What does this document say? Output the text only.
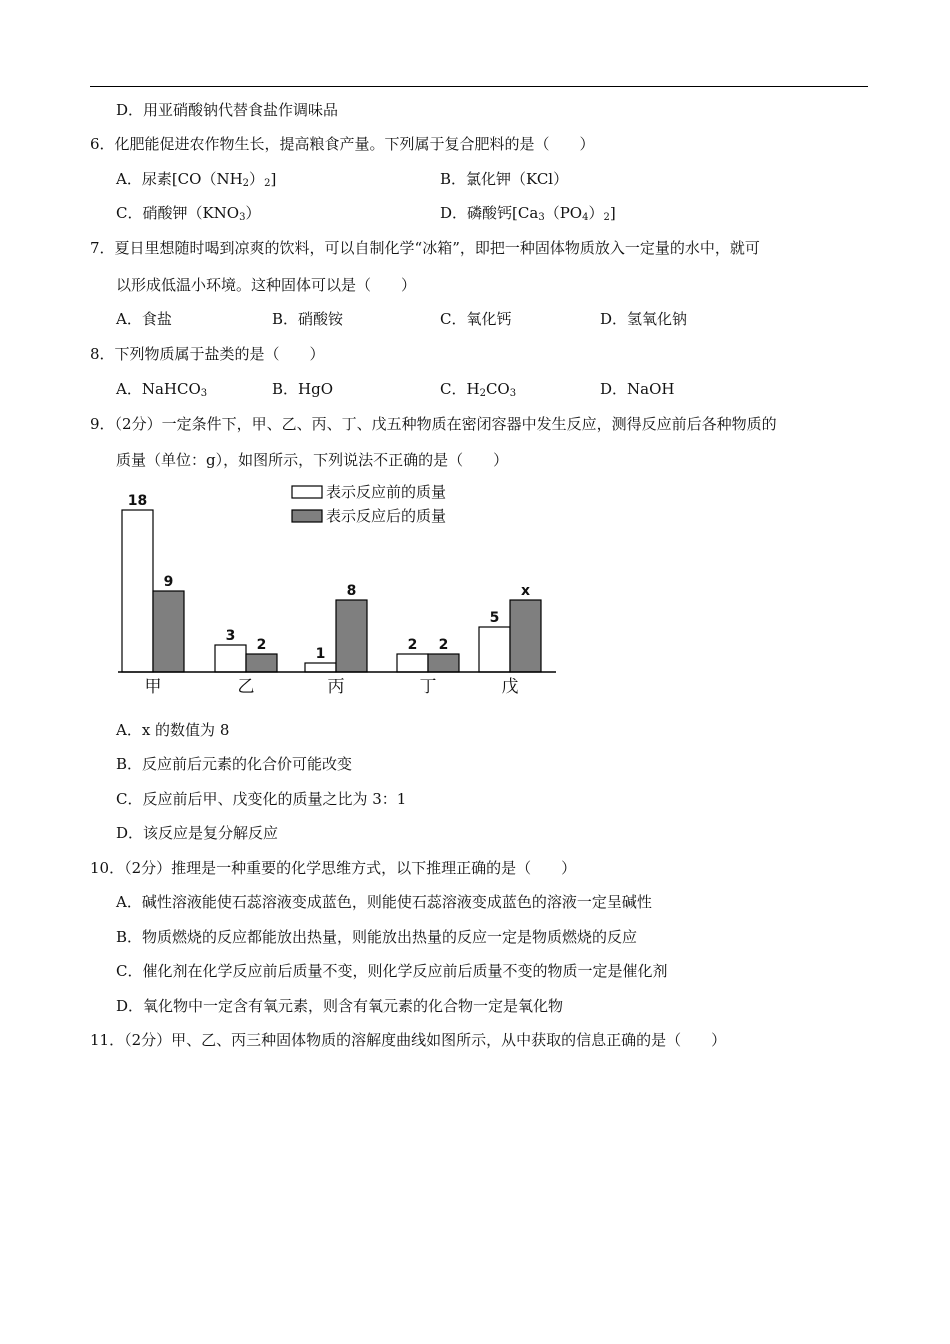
D．用亚硝酸钠代替食盐作调味品
6．化肥能促进农作物生长，提高粮食产量。下列属于复合肥料的是（　　）
A．尿素$[CO(NH_2)_2]$	B．氯化钾（KCl）
C．硝酸钾$(KNO_3)$	D．磷酸钙$[Ca_3(PO_4)_2]$
7．夏日里想随时喝到凉爽的饮料，可以自制化学“冰箱”，即把一种固体物质放入一定量的水中，就可
以形成低温小环境。这种固体可以是（　　）
A．食盐	B．硝酸铵	C．氧化钙	D．氢氧化钠
8．下列物质属于盐类的是（　　）
A．NaHCO$_3$	B．HgO	C．$H_2CO_3$	D．NaOH
9．（2分）一定条件下，甲、乙、丙、丁、戊五种物质在密闭容器中发生反应，测得反应前后各种物质的
质量（单位：g），如图所示，下列说法不正确的是（　　）
表示反应前的质量
表示反应后的质量
18
9
甲
3
2
乙
1
8
丙
2 2
丁
5
x
戊
A．x 的数值为 8
B．反应前后元素的化合价可能改变
C．反应前后甲、戊变化的质量之比为 3：1
D．该反应是复分解反应
10．（2分）推理是一种重要的化学思维方式，以下推理正确的是（　　）
A．碱性溶液能使石蕊溶液变成蓝色，则能使石蕊溶液变成蓝色的溶液一定呈碱性
B．物质燃烧的反应都能放出热量，则能放出热量的反应一定是物质燃烧的反应
C．催化剂在化学反应前后质量不变，则化学反应前后质量不变的物质一定是催化剂
D．氧化物中一定含有氧元素，则含有氧元素的化合物一定是氧化物
11．（2分）甲、乙、丙三种固体物质的溶解度曲线如图所示，从中获取的信息正确的是（　　）
